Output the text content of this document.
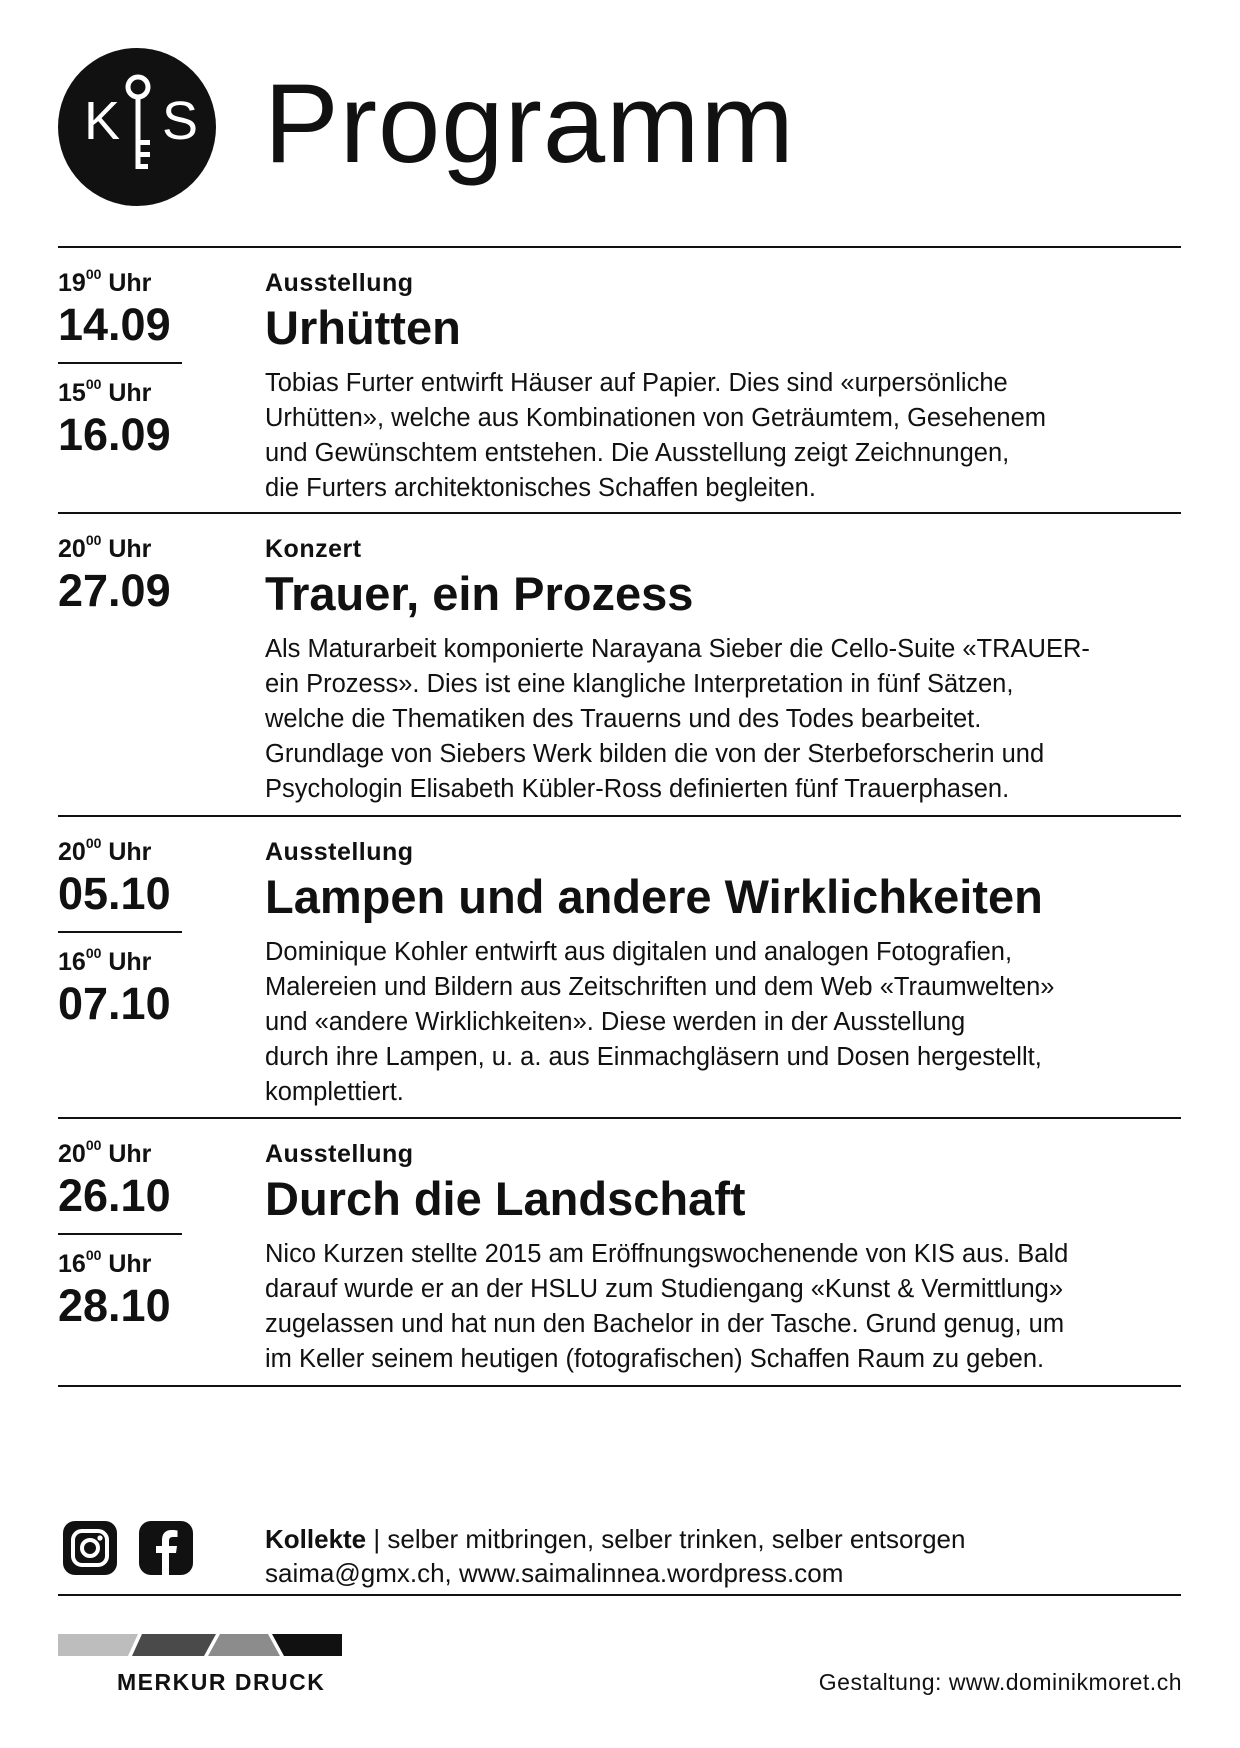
K S Programm
$19^{00}$ Uhr
14.09
$15^{00}$ Uhr
16.09
Ausstellung
Urhütten
Tobias Furter entwirft Häuser auf Papier. Dies sind «urpersönliche
Urhütten», welche aus Kombinationen von Geträumtem, Gesehenem
und Gewünschtem entstehen. Die Ausstellung zeigt Zeichnungen,
die Furters architektonisches Schaffen begleiten.
$20^{00}$ Uhr
27.09
Konzert
Trauer, ein Prozess
Als Maturarbeit komponierte Narayana Sieber die Cello-Suite «TRAUER-
ein Prozess». Dies ist eine klangliche Interpretation in fünf Sätzen,
welche die Thematiken des Trauerns und des Todes bearbeitet.
Grundlage von Siebers Werk bilden die von der Sterbeforscherin und
Psychologin Elisabeth Kübler-Ross definierten fünf Trauerphasen.
$20^{00}$ Uhr
05.10
$16^{00}$ Uhr
07.10
Ausstellung
Lampen und andere Wirklichkeiten
Dominique Kohler entwirft aus digitalen und analogen Fotografien,
Malereien und Bildern aus Zeitschriften und dem Web «Traumwelten»
und «andere Wirklichkeiten». Diese werden in der Ausstellung
durch ihre Lampen, u. a. aus Einmachgläsern und Dosen hergestellt,
komplettiert.
$20^{00}$ Uhr
26.10
$16^{00}$ Uhr
28.10
Ausstellung
Durch die Landschaft
Nico Kurzen stellte 2015 am Eröffnungswochenende von KIS aus. Bald
darauf wurde er an der HSLU zum Studiengang «Kunst & Vermittlung»
zugelassen und hat nun den Bachelor in der Tasche. Grund genug, um
im Keller seinem heutigen (fotografischen) Schaffen Raum zu geben.
Kollekte | selber mitbringen, selber trinken, selber entsorgen
saima@gmx.ch, www.saimalinnea.wordpress.com
MERKUR DRUCK	Gestaltung: www.dominikmoret.ch
